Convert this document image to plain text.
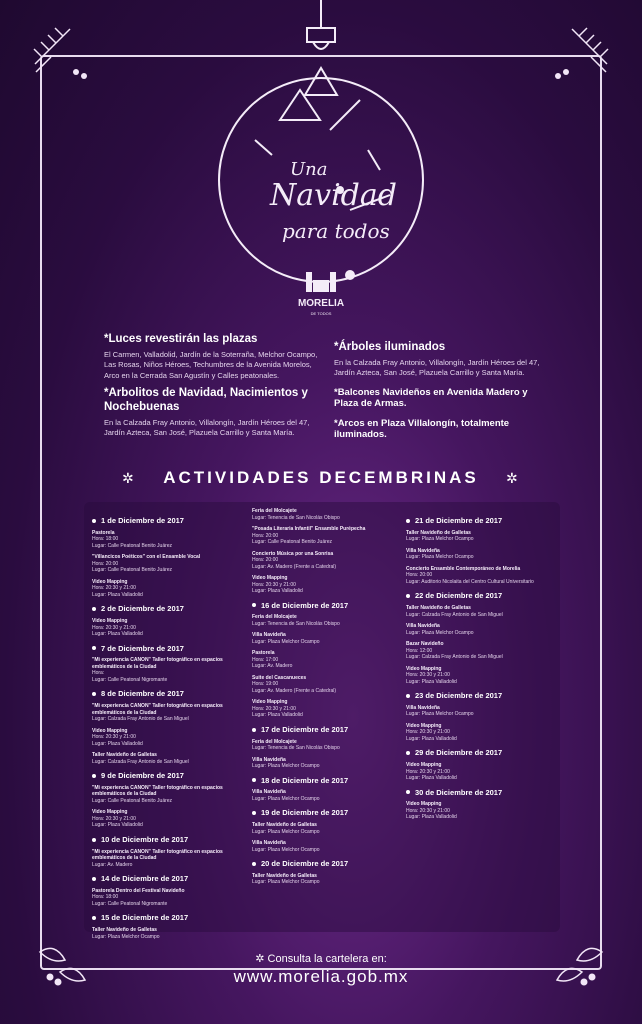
Una
Navidad
para todos
MORELIA
DE TODOS
*Luces revestirán las plazas

El Carmen, Valladolid, Jardín de la Soterraña, Melchor Ocampo, Las Rosas, Niños Héroes, Techumbres de la Avenida Morelos, Arco en la Cerrada San Agustín y Calles peatonales.

*Arbolitos de Navidad, Nacimientos y Nochebuenas

En la Calzada Fray Antonio, Villalongín, Jardín Héroes del 47, Jardín Azteca, San José, Plazuela Carrillo y Santa María.

*Árboles iluminados

En la Calzada Fray Antonio, Villalongín, Jardín Héroes del 47, Jardín Azteca, San José, Plazuela Carrillo y Santa María.

*Balcones Navideños en Avenida Madero y Plaza de Armas.
*Arcos en Plaza Villalongín, totalmente iluminados.
✲	ACTIVIDADES DECEMBRINAS	✲
1 de Diciembre de 2017
Pastorela
Hora: 18:00
Lugar: Calle Peatonal Benito Juárez
"Villancicos Poéticos" con el Ensamble Vocal
Hora: 20:00
Lugar: Calle Peatonal Benito Juárez
Video Mapping
Hora: 20:30 y 21:00
Lugar: Plaza Valladolid
2 de Diciembre de 2017
Video Mapping
Hora: 20:30 y 21:00
Lugar: Plaza Valladolid
7 de Diciembre de 2017
"Mi experiencia CANON" Taller fotográfico en espacios emblemáticos de la Ciudad
Hora:
Lugar: Calle Peatonal Nigromante
8 de Diciembre de 2017
"Mi experiencia CANON" Taller fotográfico en espacios emblemáticos de la Ciudad
Lugar: Calzada Fray Antonio de San Miguel
Video Mapping
Hora: 20:30 y 21:00
Lugar: Plaza Valladolid
Taller Navideño de Galletas
Lugar: Calzada Fray Antonio de San Miguel
9 de Diciembre de 2017
"Mi experiencia CANON" Taller fotográfico en espacios emblemáticos de la Ciudad
Lugar: Calle Peatonal Benito Juárez
Video Mapping
Hora: 20:30 y 21:00
Lugar: Plaza Valladolid
10 de Diciembre de 2017
"Mi experiencia CANON" Taller fotográfico en espacios emblemáticos de la Ciudad
Lugar: Av. Madero
14 de Diciembre de 2017
Pastorela Dentro del Festival Navideño
Hora: 18:00
Lugar: Calle Peatonal Nigromante
15 de Diciembre de 2017
Taller Navideño de Galletas
Lugar: Plaza Melchor Ocampo
Feria del Molcajete
Lugar: Tenencia de San Nicolás Obispo
"Posada Literaria Infantil" Ensamble Purépecha
Hora: 20:00
Lugar: Calle Peatonal Benito Juárez
Concierto Música por una Sonrisa
Hora: 20:00
Lugar: Av. Madero (Frente a Catedral)
Video Mapping
Hora: 20:30 y 21:00
Lugar: Plaza Valladolid
16 de Diciembre de 2017
Feria del Molcajete
Lugar: Tenencia de San Nicolás Obispo
Villa Navideña
Lugar: Plaza Melchor Ocampo
Pastorela
Hora: 17:00
Lugar: Av. Madero
Suite del Cascanueces
Hora: 19:00
Lugar: Av. Madero (Frente a Catedral)
Video Mapping
Hora: 20:30 y 21:00
Lugar: Plaza Valladolid
17 de Diciembre de 2017
Feria del Molcajete
Lugar: Tenencia de San Nicolás Obispo
Villa Navideña
Lugar: Plaza Melchor Ocampo
18 de Diciembre de 2017
Villa Navideña
Lugar: Plaza Melchor Ocampo
19 de Diciembre de 2017
Taller Navideño de Galletas
Lugar: Plaza Melchor Ocampo
Villa Navideña
Lugar: Plaza Melchor Ocampo
20 de Diciembre de 2017
Taller Navideño de Galletas
Lugar: Plaza Melchor Ocampo
21 de Diciembre de 2017
Taller Navideño de Galletas
Lugar: Plaza Melchor Ocampo
Villa Navideña
Lugar: Plaza Melchor Ocampo
Concierto Ensamble Contemporáneo de Morelia
Hora: 20:00
Lugar: Auditorio Nicolaita del Centro Cultural Universitario
22 de Diciembre de 2017
Taller Navideño de Galletas
Lugar: Calzada Fray Antonio de San Miguel
Villa Navideña
Lugar: Plaza Melchor Ocampo
Bazar Navideño
Hora: 12:00
Lugar: Calzada Fray Antonio de San Miguel
Video Mapping
Hora: 20:30 y 21:00
Lugar: Plaza Valladolid
23 de Diciembre de 2017
Villa Navideña
Lugar: Plaza Melchor Ocampo
Video Mapping
Hora: 20:30 y 21:00
Lugar: Plaza Valladolid
29 de Diciembre de 2017
Video Mapping
Hora: 20:30 y 21:00
Lugar: Plaza Valladolid
30 de Diciembre de 2017
Video Mapping
Hora: 20:30 y 21:00
Lugar: Plaza Valladolid
✲ Consulta la cartelera en:
www.morelia.gob.mx
